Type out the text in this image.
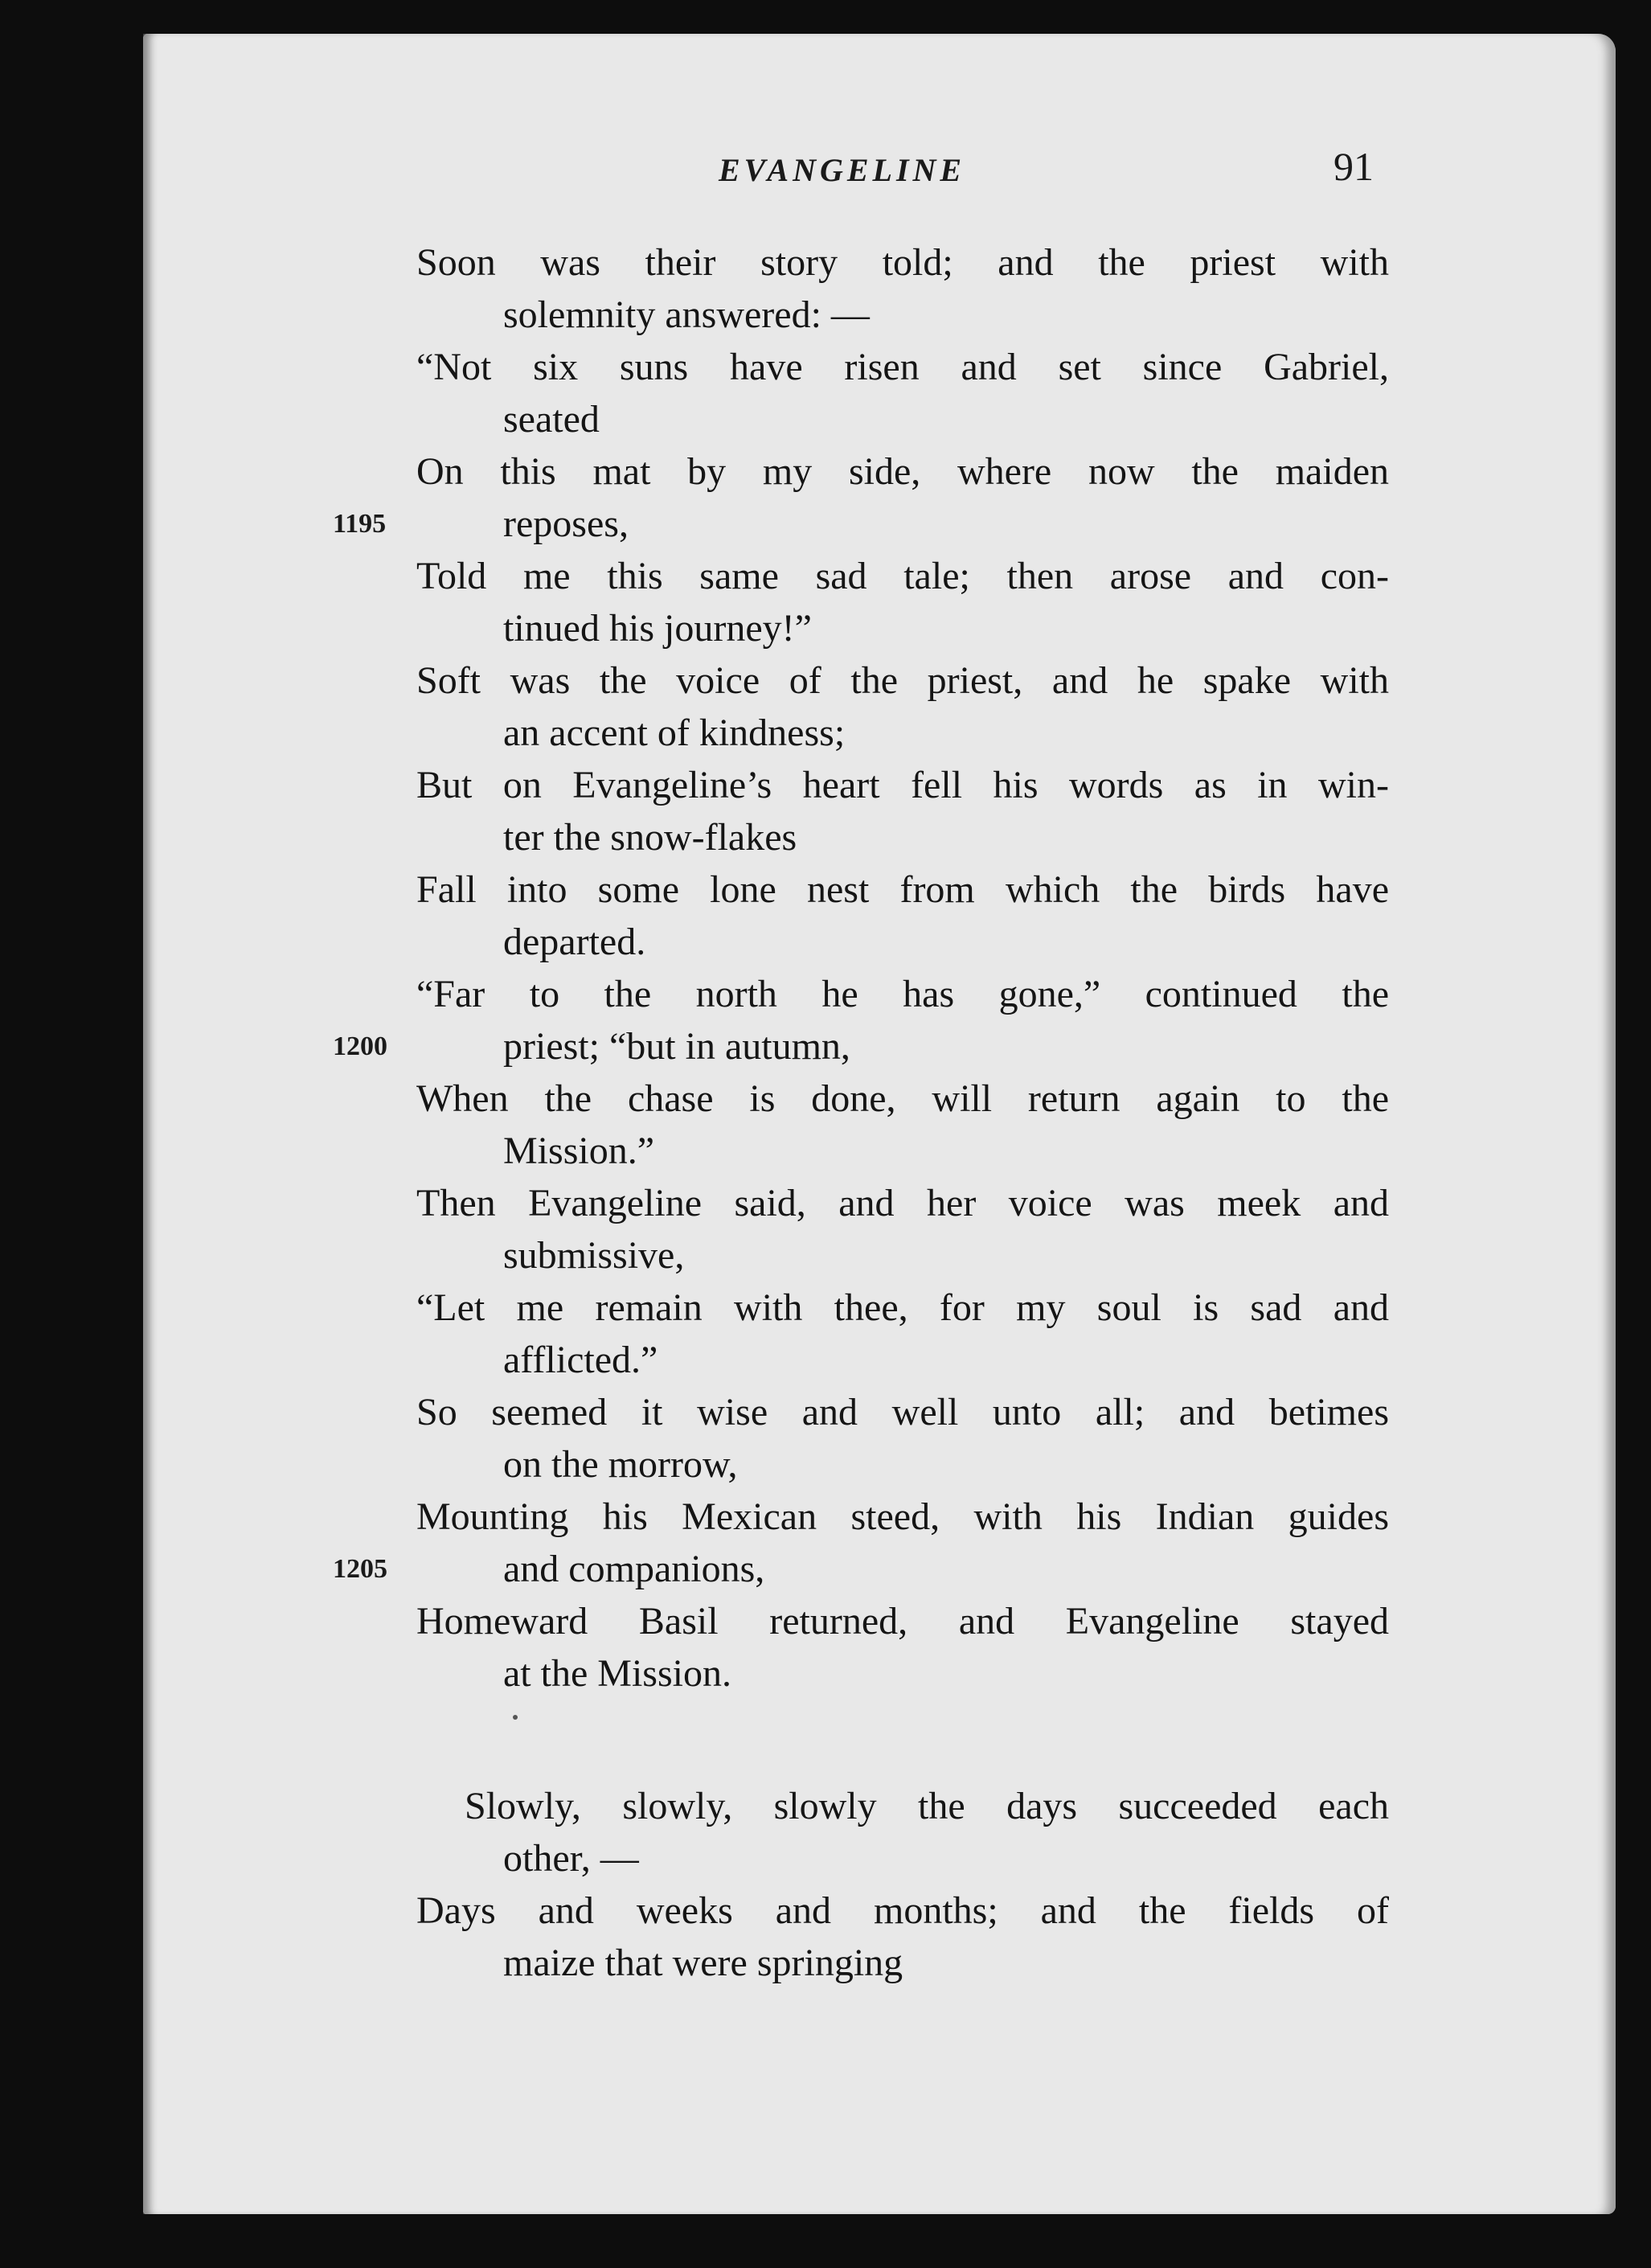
EVANGELINE	91
Soon was their story told; and the priest with
solemnity answered: —
“Not six suns have risen and set since Gabriel,
seated
On this mat by my side, where now the maiden
1195	reposes,
Told me this same sad tale; then arose and con-
tinued his journey!”
Soft was the voice of the priest, and he spake with
an accent of kindness;
But on Evangeline’s heart fell his words as in win-
ter the snow-flakes
Fall into some lone nest from which the birds have
departed.
“Far to the north he has gone,” continued the
1200	priest; “but in autumn,
When the chase is done, will return again to the
Mission.”
Then Evangeline said, and her voice was meek and
submissive,
“Let me remain with thee, for my soul is sad and
afflicted.”
So seemed it wise and well unto all; and betimes
on the morrow,
Mounting his Mexican steed, with his Indian guides
1205	and companions,
Homeward Basil returned, and Evangeline stayed
at the Mission.
Slowly, slowly, slowly the days succeeded each
other, —
Days and weeks and months; and the fields of
maize that were springing
